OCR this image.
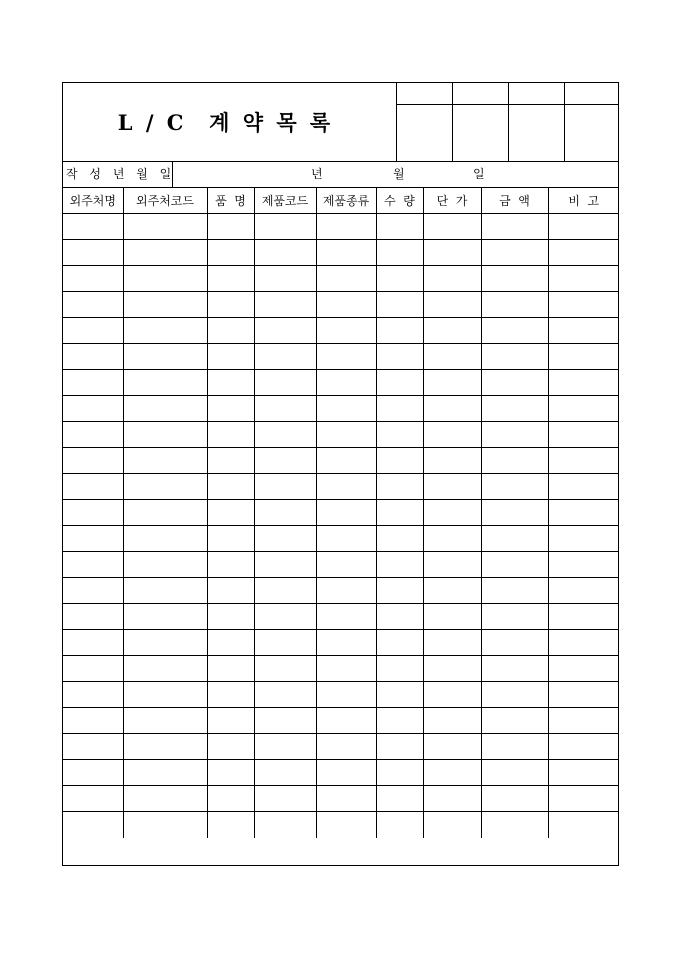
L / C  계 약 목 록
작 성 년 월 일	년	월	일
외주처명	외주처코드	품  명	제품코드	제품종류	수  량	단  가	금  액	비  고
